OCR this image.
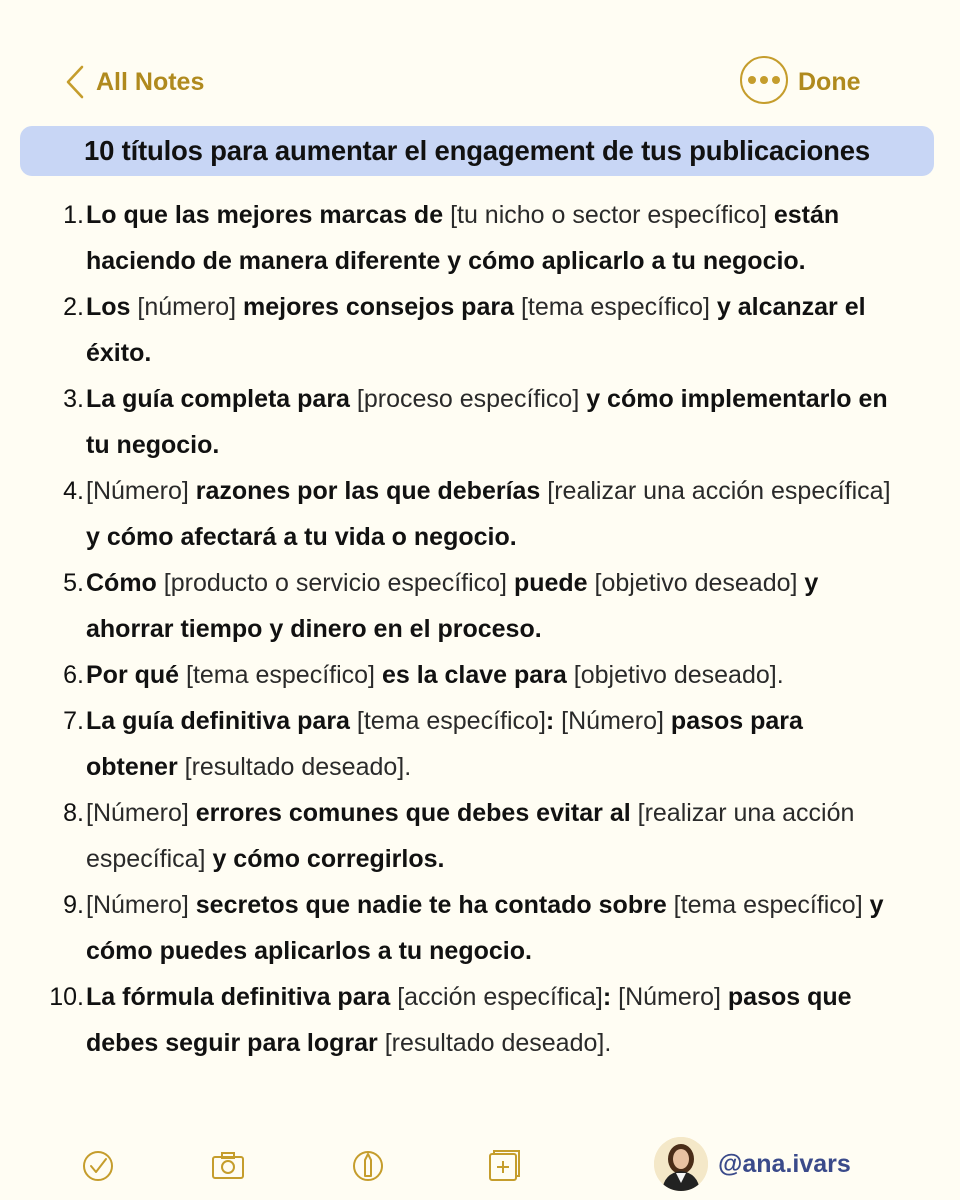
All Notes	Done
10 títulos para aumentar el engagement de tus publicaciones
1. Lo que las mejores marcas de [tu nicho o sector específico] están haciendo de manera diferente y cómo aplicarlo a tu negocio.
2. Los [número] mejores consejos para [tema específico] y alcanzar el éxito.
3. La guía completa para [proceso específico] y cómo implementarlo en tu negocio.
4. [Número] razones por las que deberías [realizar una acción específica] y cómo afectará a tu vida o negocio.
5. Cómo [producto o servicio específico] puede [objetivo deseado] y ahorrar tiempo y dinero en el proceso.
6. Por qué [tema específico] es la clave para [objetivo deseado].
7. La guía definitiva para [tema específico]: [Número] pasos para obtener [resultado deseado].
8. [Número] errores comunes que debes evitar al [realizar una acción específica] y cómo corregirlos.
9. [Número] secretos que nadie te ha contado sobre [tema específico] y cómo puedes aplicarlos a tu negocio.
10. La fórmula definitiva para [acción específica]: [Número] pasos que debes seguir para lograr [resultado deseado].
@ana.ivars
